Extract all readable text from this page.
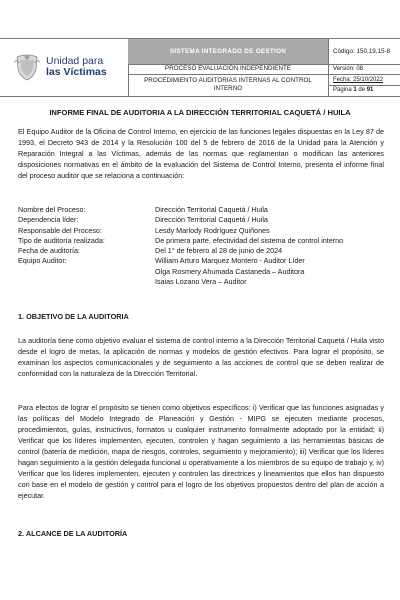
Unidad para
las Víctimas
SISTEMA INTEGRADO DE GESTION
PROCESO EVALUACIÓN INDEPENDIENTE
PROCEDIMIENTO AUDITORIAS INTERNAS AL CONTROL
INTERNO
Código: 150,19,15-8
Versión: 08
Fecha: 25/10/2022
Página 1 de 91
INFORME FINAL DE AUDITORIA A LA DIRECCIÓN TERRITORIAL CAQUETÁ / HUILA
El Equipo Auditor de la Oficina de Control Interno, en ejercicio de las funciones legales dispuestas en la Ley 87 de 1993, el Decreto 943 de 2014 y la Resolución 100 del 5 de febrero de 2016 de la Unidad para la Atención y Reparación Integral a las Víctimas, además de las normas que reglamentan o modifican las anteriores disposiciones normativas en el ámbito de la evaluación del Sistema de Control Interno, presenta el informe final del proceso auditor que se relaciona a continuación:
Nombre del Proceso:	Dirección Territorial Caquetá / Huila
Dependencia líder:	Dirección Territorial Caquetá / Huila
Responsable del Proceso:	Lesdy Marlody Rodríguez Quiñones
Tipo de auditoría realizada:	De primera parte, efectividad del sistema de control interno
Fecha de auditoría:	Del 1° de febrero al 28 de junio de 2024
Equipo Auditor:	William Arturo Marquez Montero - Auditor Líder
Olga Rosmery Ahumada Castaneda – Auditora
Isaias Lozano Vera – Auditor
1. OBJETIVO DE LA AUDITORIA
La auditoría tiene como objetivo evaluar el sistema de control interno a la Dirección Territorial Caquetá / Huila visto desde el logro de metas, la aplicación de normas y modelos de gestión efectivos. Para lograr el propósito, se examinan los aspectos comunicacionales y de seguimiento a las acciones de control que se deben realizar de conformidad con la naturaleza de la Dirección Territorial.
Para efectos de lograr el propósito se tienen como objetivos específicos: i) Verificar que las funciones asignadas y las políticas del Modelo Integrado de Planeación y Gestión - MIPG se ejecuten mediante procesos, procedimientos, guías, instructivos, formatos u cualquier instrumento formalmente adoptado por la entidad; ii) Verificar que los líderes implementen, ejecuten, controlen y hagan seguimiento a las herramientas básicas de control (batería de medición, mapa de riesgos, controles, seguimiento y mejoramiento); iii) Verificar que los líderes hagan seguimiento a la gestión delegada funcional u operativamente a los miembros de su equipo de trabajo y, iv) Verificar que los líderes implementen, ejecuten y controlen las directrices y lineamientos que ellos han dispuesto con base en el modelo de gestión y control para el logro de los objetivos propuestos dentro del plan de acción a ejecutar.
2. ALCANCE DE LA AUDITORÍA
